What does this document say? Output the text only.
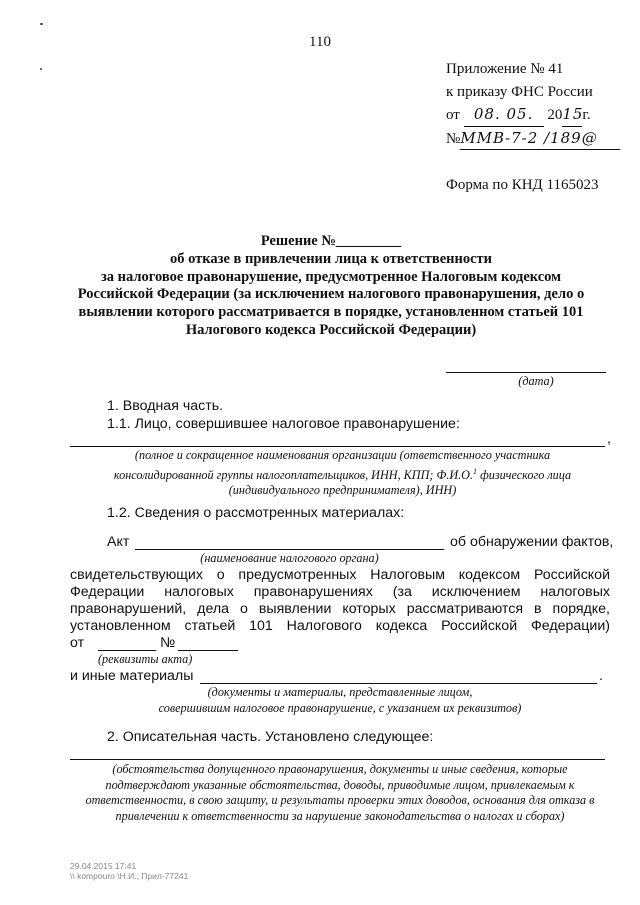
110
Приложение № 41
к приказу ФНС России
от 08. 05. 2015г.
№ММВ-7-2 /189@
Форма по КНД 1165023
Решение №_________
об отказе в привлечении лица к ответственности
за налоговое правонарушение, предусмотренное Налоговым кодексом
Российской Федерации (за исключением налогового правонарушения, дело о
выявлении которого рассматривается в порядке, установленном статьей 101
Налогового кодекса Российской Федерации)
(дата)
1. Вводная часть.
1.1. Лицо, совершившее налоговое правонарушение:
,
(полное и сокращенное наименования организации (ответственного участника
консолидированной группы налогоплательщиков, ИНН, КПП; Ф.И.О.$^1$ физического лица
(индивидуального предпринимателя), ИНН)
1.2. Сведения о рассмотренных материалах:
Акт	об обнаружении фактов,
(наименование налогового органа)
свидетельствующих о предусмотренных Налоговым кодексом Российской
Федерации налоговых правонарушениях (за исключением налоговых
правонарушений, дела о выявлении которых рассматриваются в порядке,
установленном статьей 101 Налогового кодекса Российской Федерации)
от	№
(реквизиты акта)
и иные материалы	.
(документы и материалы, представленные лицом,
совершившим налоговое правонарушение, с указанием их реквизитов)
2. Описательная часть. Установлено следующее:
(обстоятельства допущенного правонарушения, документы и иные сведения, которые
подтверждают указанные обстоятельства, доводы, приводимые лицом, привлекаемым к
ответственности, в свою защиту, и результаты проверки этих доводов, основания для отказа в
привлечении к ответственности за нарушение законодательства о налогах и сборах)
29.04.2015 17:41
\\ kompouro \Н.И.; Прил-77241
